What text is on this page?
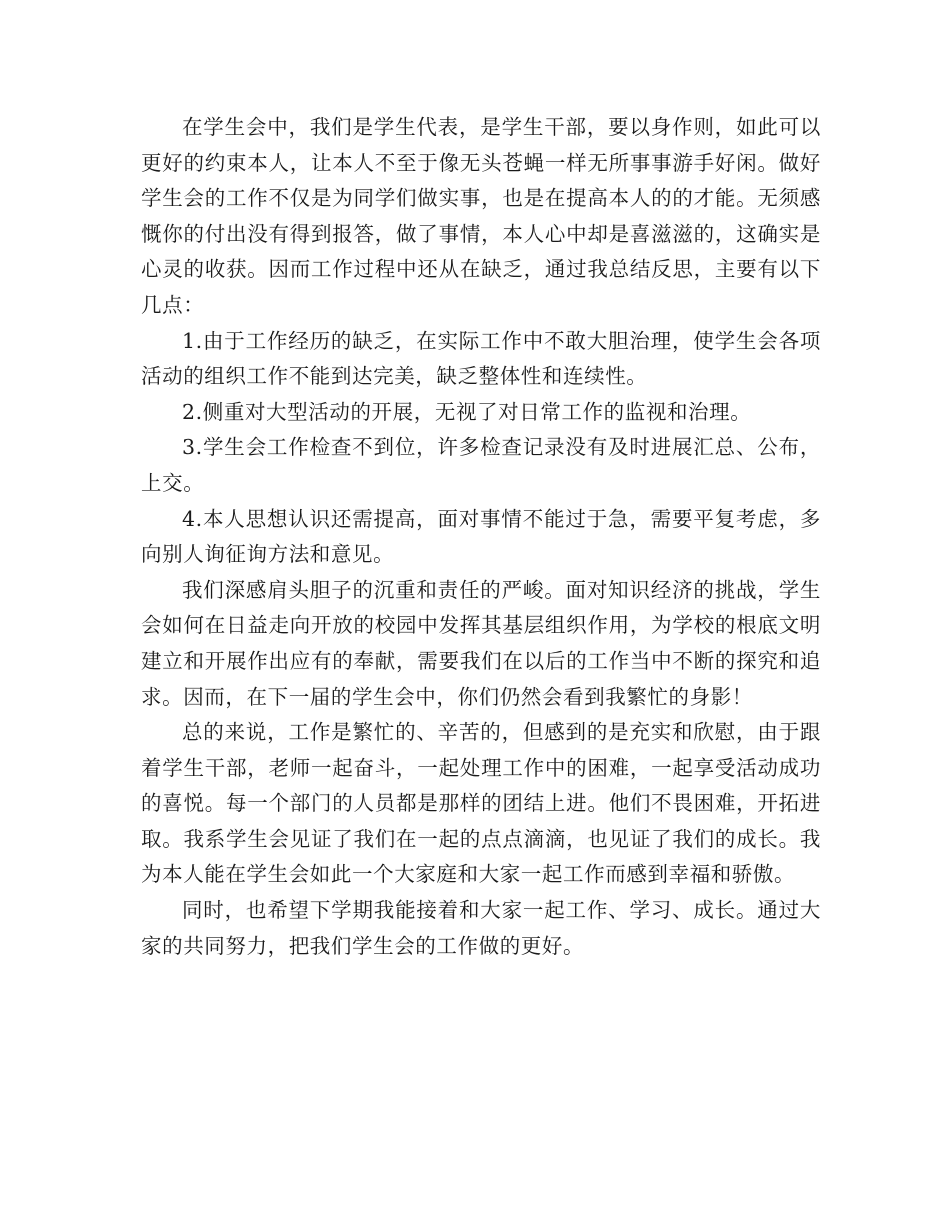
在学生会中，我们是学生代表，是学生干部，要以身作则，如此可以更好的约束本人，让本人不至于像无头苍蝇一样无所事事游手好闲。做好学生会的工作不仅是为同学们做实事，也是在提高本人的的才能。无须感慨你的付出没有得到报答，做了事情，本人心中却是喜滋滋的，这确实是心灵的收获。因而工作过程中还从在缺乏，通过我总结反思，主要有以下几点：

1.由于工作经历的缺乏，在实际工作中不敢大胆治理，使学生会各项活动的组织工作不能到达完美，缺乏整体性和连续性。

2.侧重对大型活动的开展，无视了对日常工作的监视和治理。

3.学生会工作检查不到位，许多检查记录没有及时进展汇总、公布，上交。

4.本人思想认识还需提高，面对事情不能过于急，需要平复考虑，多向别人询征询方法和意见。

我们深感肩头胆子的沉重和责任的严峻。面对知识经济的挑战，学生会如何在日益走向开放的校园中发挥其基层组织作用，为学校的根底文明建立和开展作出应有的奉献，需要我们在以后的工作当中不断的探究和追求。因而，在下一届的学生会中，你们仍然会看到我繁忙的身影！

总的来说，工作是繁忙的、辛苦的，但感到的是充实和欣慰，由于跟着学生干部，老师一起奋斗，一起处理工作中的困难，一起享受活动成功的喜悦。每一个部门的人员都是那样的团结上进。他们不畏困难，开拓进取。我系学生会见证了我们在一起的点点滴滴，也见证了我们的成长。我为本人能在学生会如此一个大家庭和大家一起工作而感到幸福和骄傲。

同时，也希望下学期我能接着和大家一起工作、学习、成长。通过大家的共同努力，把我们学生会的工作做的更好。
